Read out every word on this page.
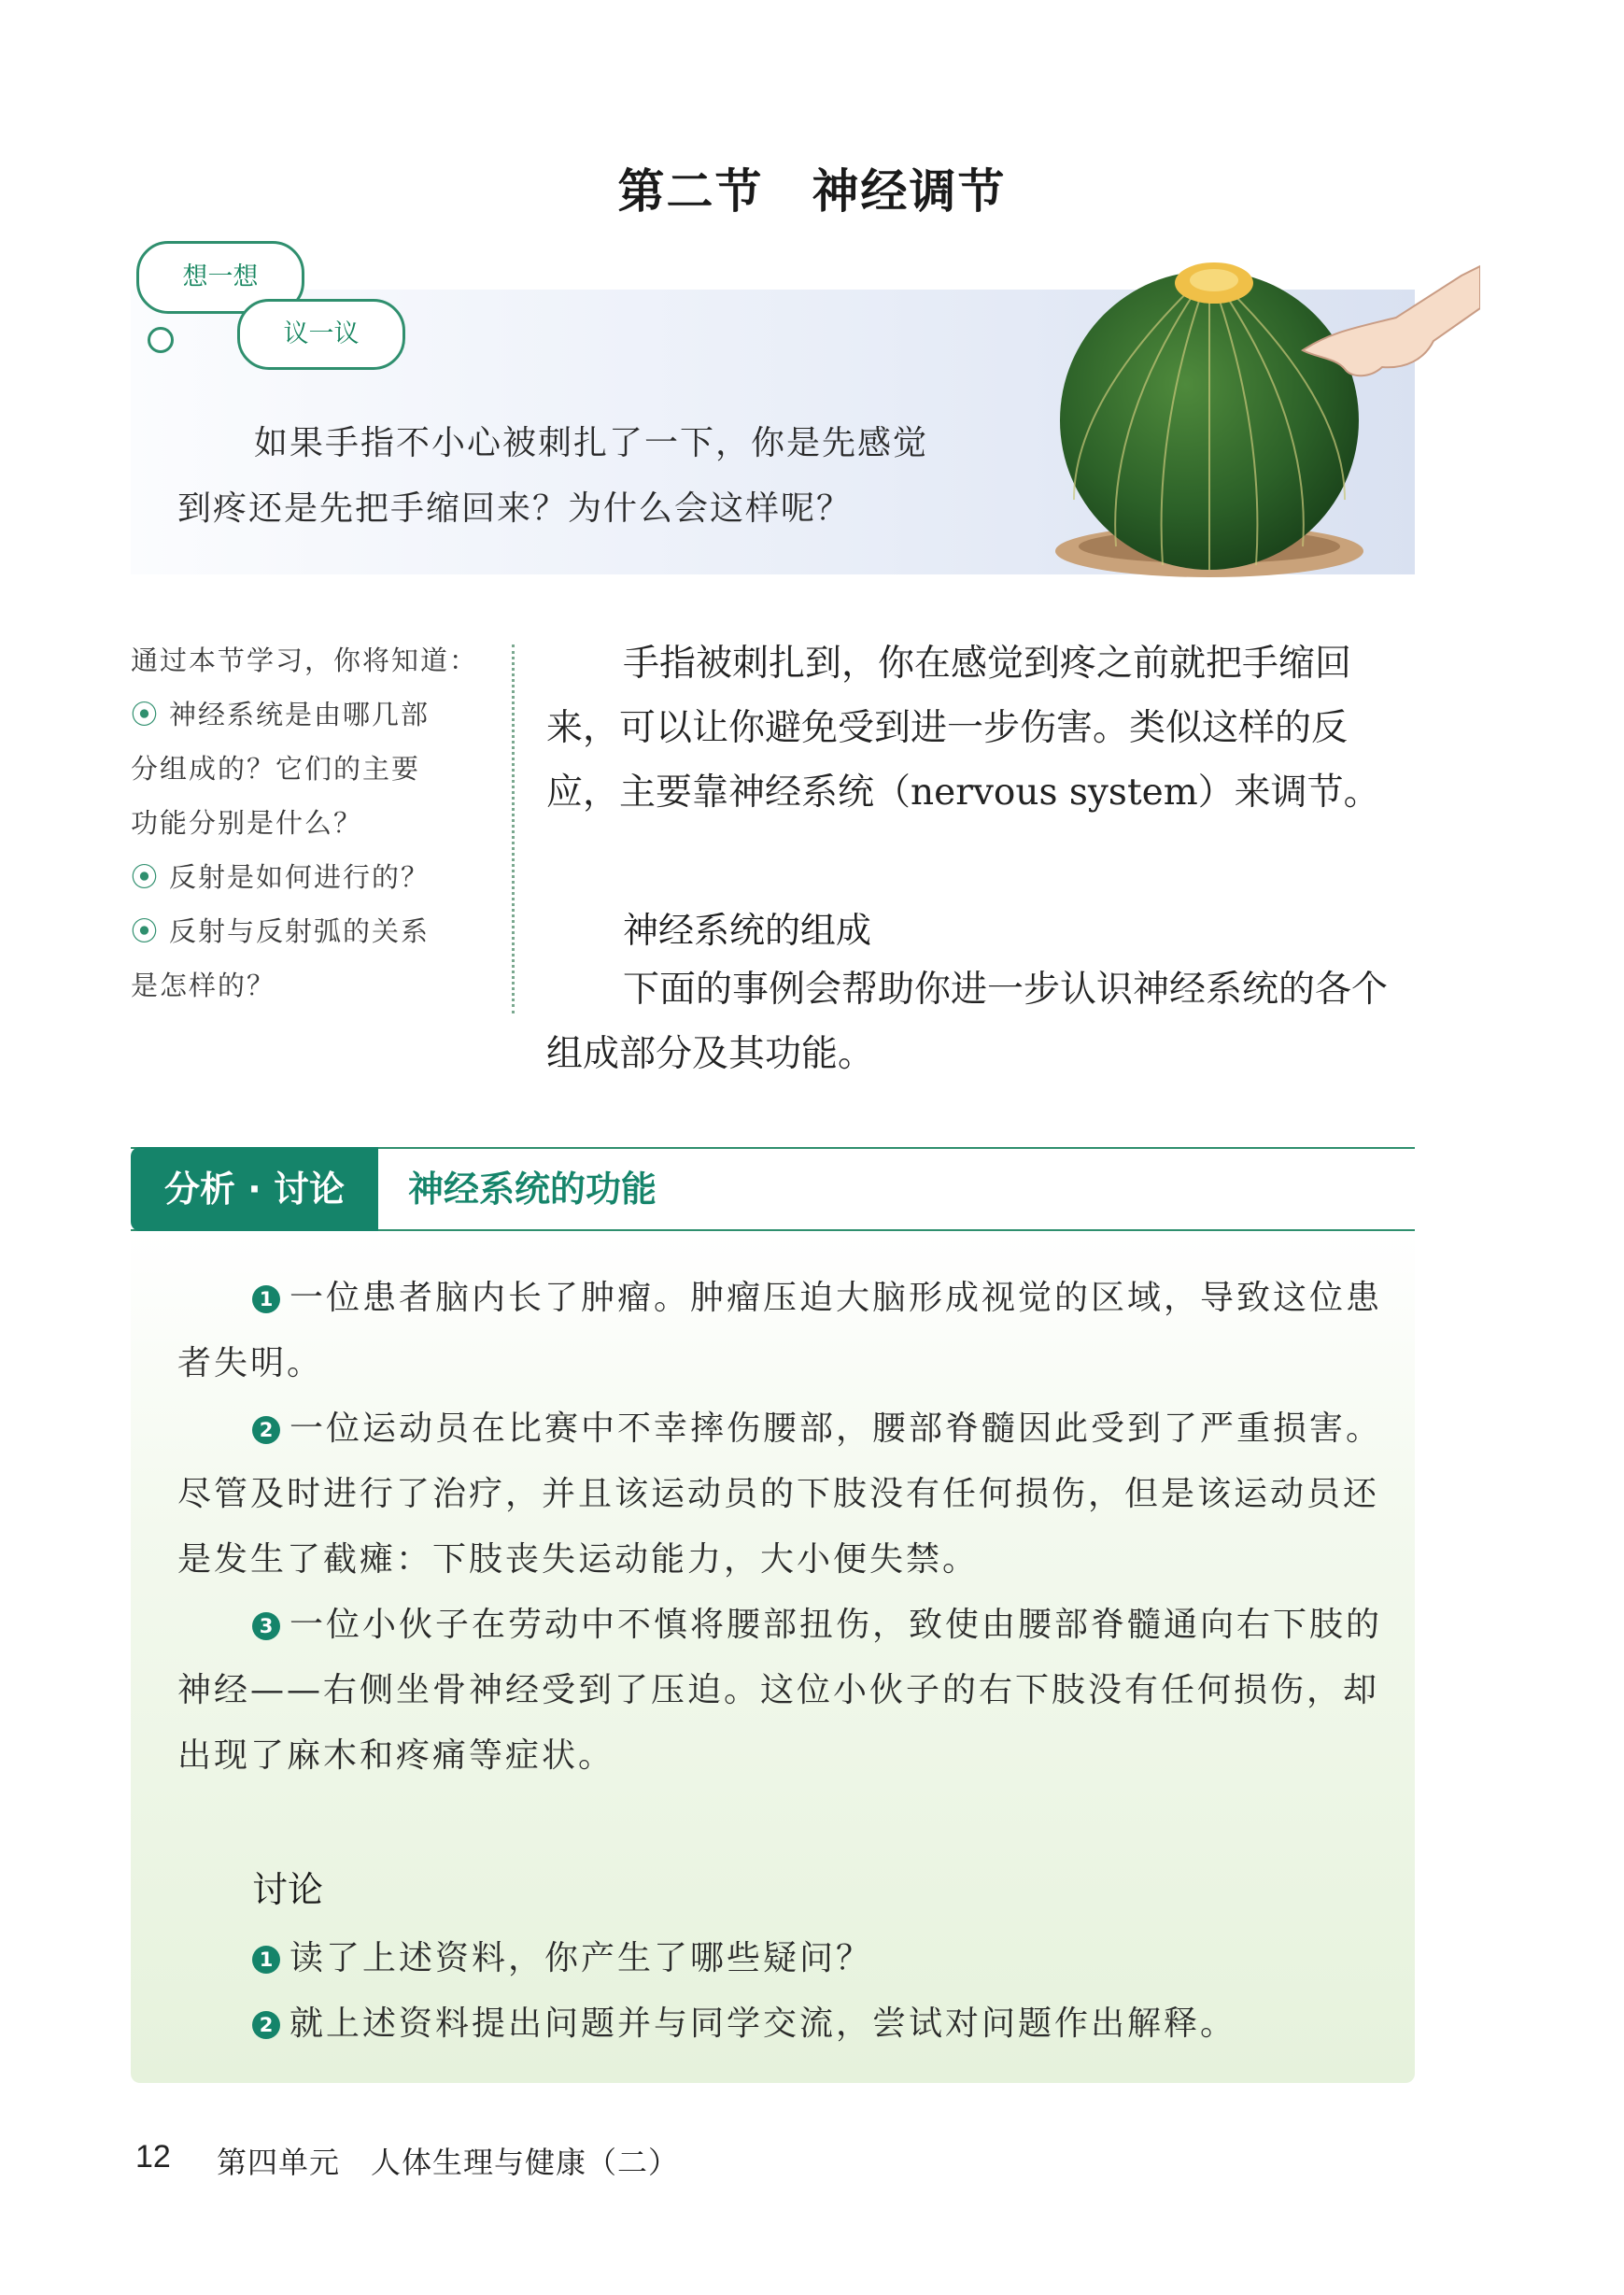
第二节　神经调节
想一想
议一议
如果手指不小心被刺扎了一下，你是先感觉
到疼还是先把手缩回来？为什么会这样呢？
通过本节学习，你将知道：
⦿ 神经系统是由哪几部
分组成的？它们的主要
功能分别是什么？
⦿ 反射是如何进行的？
⦿ 反射与反射弧的关系
是怎样的？
手指被刺扎到，你在感觉到疼之前就把手缩回来，可以让你避免受到进一步伤害。类似这样的反应，主要靠神经系统（nervous system）来调节。
神经系统的组成
下面的事例会帮助你进一步认识神经系统的各个组成部分及其功能。
分析 · 讨论	神经系统的功能
1 一位患者脑内长了肿瘤。肿瘤压迫大脑形成视觉的区域，导致这位患者失明。
2 一位运动员在比赛中不幸摔伤腰部，腰部脊髓因此受到了严重损害。尽管及时进行了治疗，并且该运动员的下肢没有任何损伤，但是该运动员还是发生了截瘫：下肢丧失运动能力，大小便失禁。
3 一位小伙子在劳动中不慎将腰部扭伤，致使由腰部脊髓通向右下肢的神经——右侧坐骨神经受到了压迫。这位小伙子的右下肢没有任何损伤，却出现了麻木和疼痛等症状。
讨论
1 读了上述资料，你产生了哪些疑问？
2 就上述资料提出问题并与同学交流，尝试对问题作出解释。
12 第四单元　人体生理与健康（二）
